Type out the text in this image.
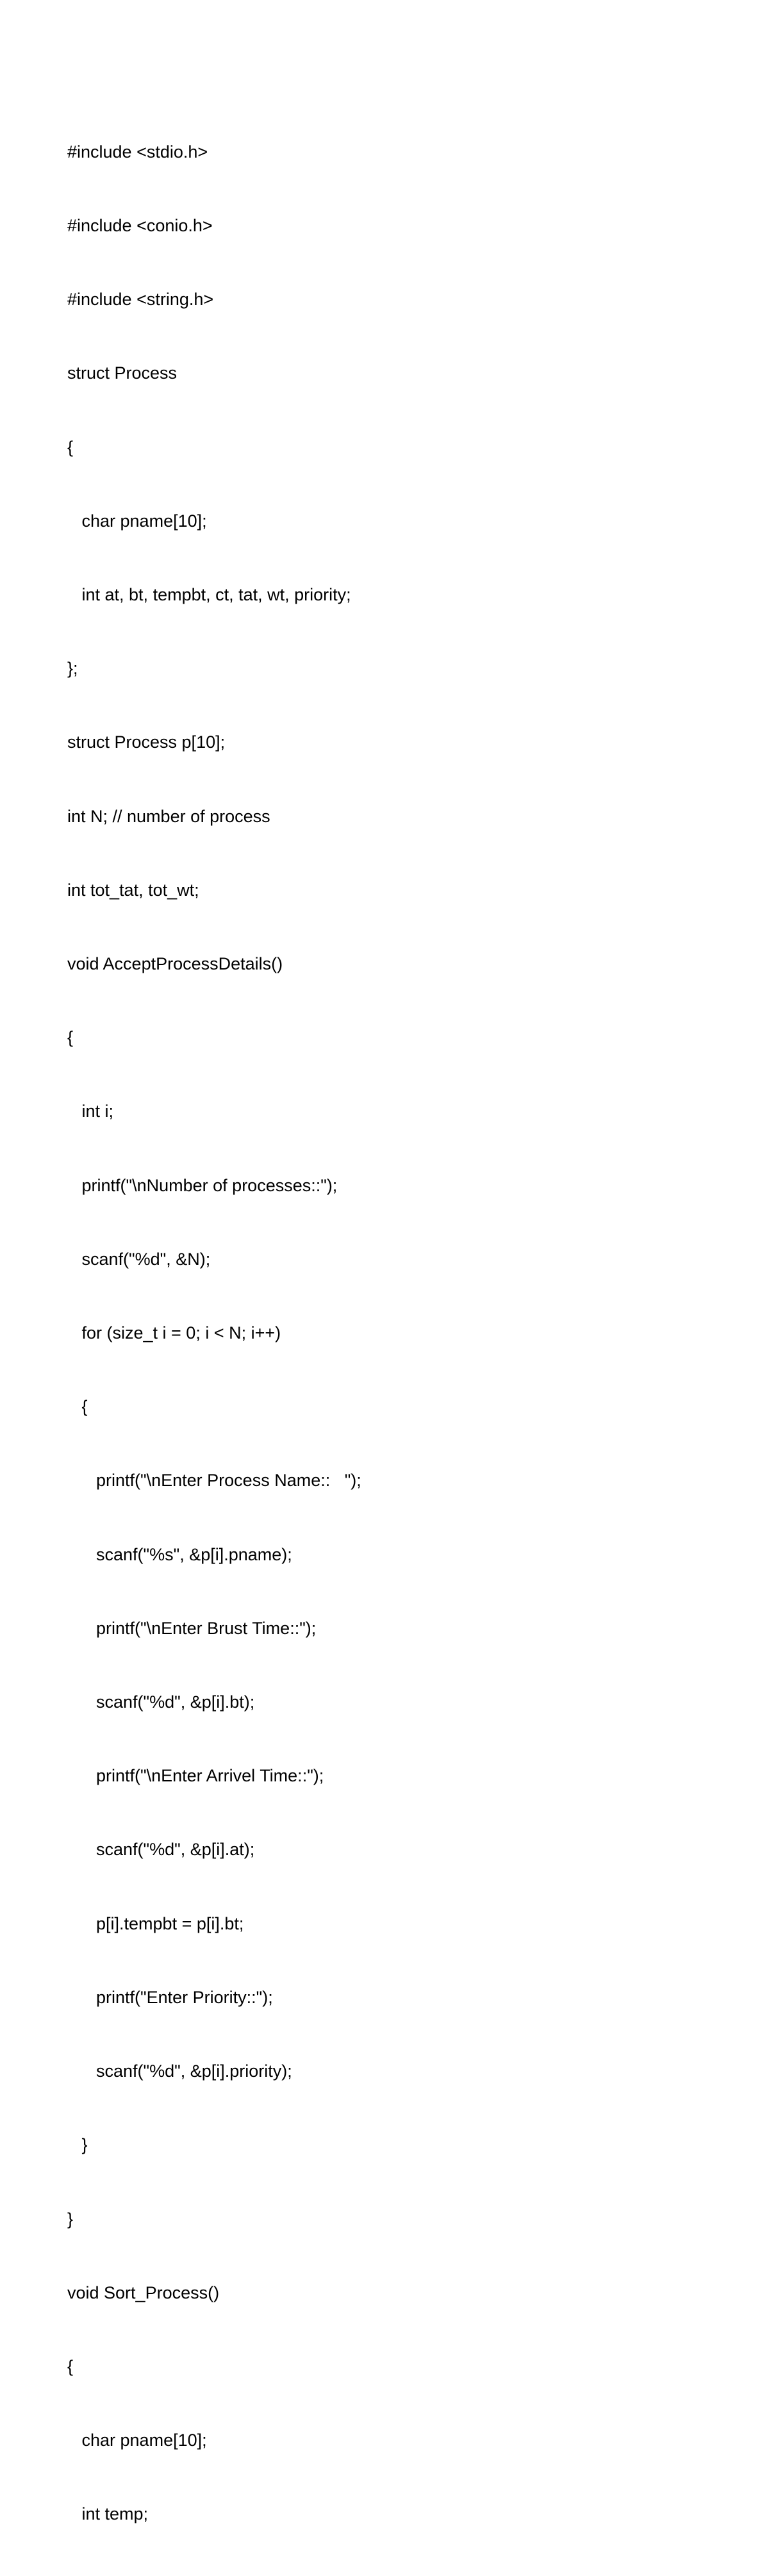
#include <stdio.h>

#include <conio.h>

#include <string.h>

struct Process

{

char pname[10];

int at, bt, tempbt, ct, tat, wt, priority;

};

struct Process p[10];

int N; // number of process

int tot_tat, tot_wt;

void AcceptProcessDetails()

{

int i;

printf("\nNumber of processes::");

scanf("%d", &N);

for (size_t i = 0; i < N; i++)

{

printf("\nEnter Process Name::   ");

scanf("%s", &p[i].pname);

printf("\nEnter Brust Time::");

scanf("%d", &p[i].bt);

printf("\nEnter Arrivel Time::");

scanf("%d", &p[i].at);

p[i].tempbt = p[i].bt;

printf("Enter Priority::");

scanf("%d", &p[i].priority);

}

}

void Sort_Process()

{

char pname[10];

int temp;
